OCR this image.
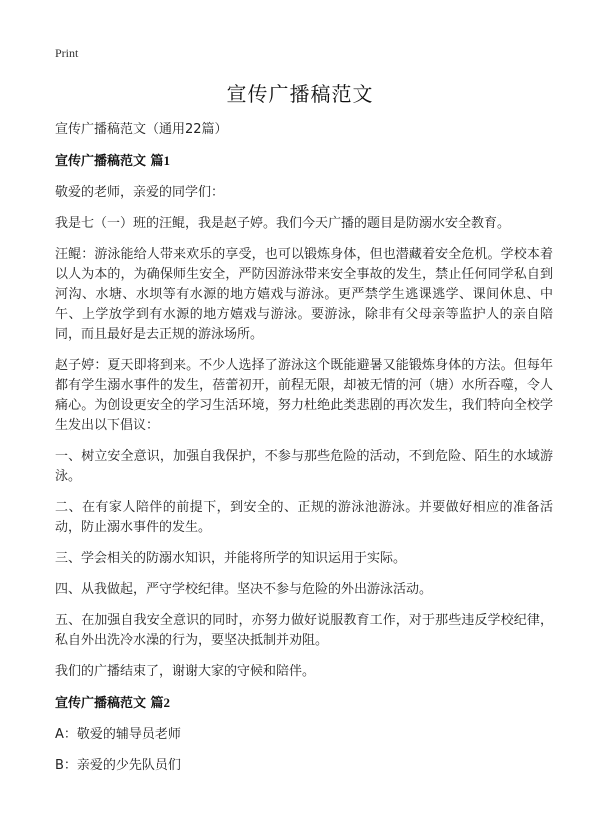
Print
宣传广播稿范文

宣传广播稿范文（通用22篇）

宣传广播稿范文 篇1

敬爱的老师，亲爱的同学们：

我是七（一）班的汪鲲，我是赵子婷。我们今天广播的题目是防溺水安全教育。

汪鲲：游泳能给人带来欢乐的享受，也可以锻炼身体，但也潜藏着安全危机。学校本着以人为本的，为确保师生安全，严防因游泳带来安全事故的发生，禁止任何同学私自到河沟、水塘、水坝等有水源的地方嬉戏与游泳。更严禁学生逃课逃学、课间休息、中午、上学放学到有水源的地方嬉戏与游泳。要游泳，除非有父母亲等监护人的亲自陪同，而且最好是去正规的游泳场所。

赵子婷：夏天即将到来。不少人选择了游泳这个既能避暑又能锻炼身体的方法。但每年都有学生溺水事件的发生，蓓蕾初开，前程无限，却被无情的河（塘）水所吞噬，令人痛心。为创设更安全的学习生活环境，努力杜绝此类悲剧的再次发生，我们特向全校学生发出以下倡议：

一、树立安全意识，加强自我保护，不参与那些危险的活动，不到危险、陌生的水域游泳。

二、在有家人陪伴的前提下，到安全的、正规的游泳池游泳。并要做好相应的准备活动，防止溺水事件的发生。

三、学会相关的防溺水知识，并能将所学的知识运用于实际。

四、从我做起，严守学校纪律。坚决不参与危险的外出游泳活动。

五、在加强自我安全意识的同时，亦努力做好说服教育工作，对于那些违反学校纪律，私自外出洗冷水澡的行为，要坚决抵制并劝阻。

我们的广播结束了，谢谢大家的守候和陪伴。

宣传广播稿范文 篇2

A：敬爱的辅导员老师

B：亲爱的少先队员们
